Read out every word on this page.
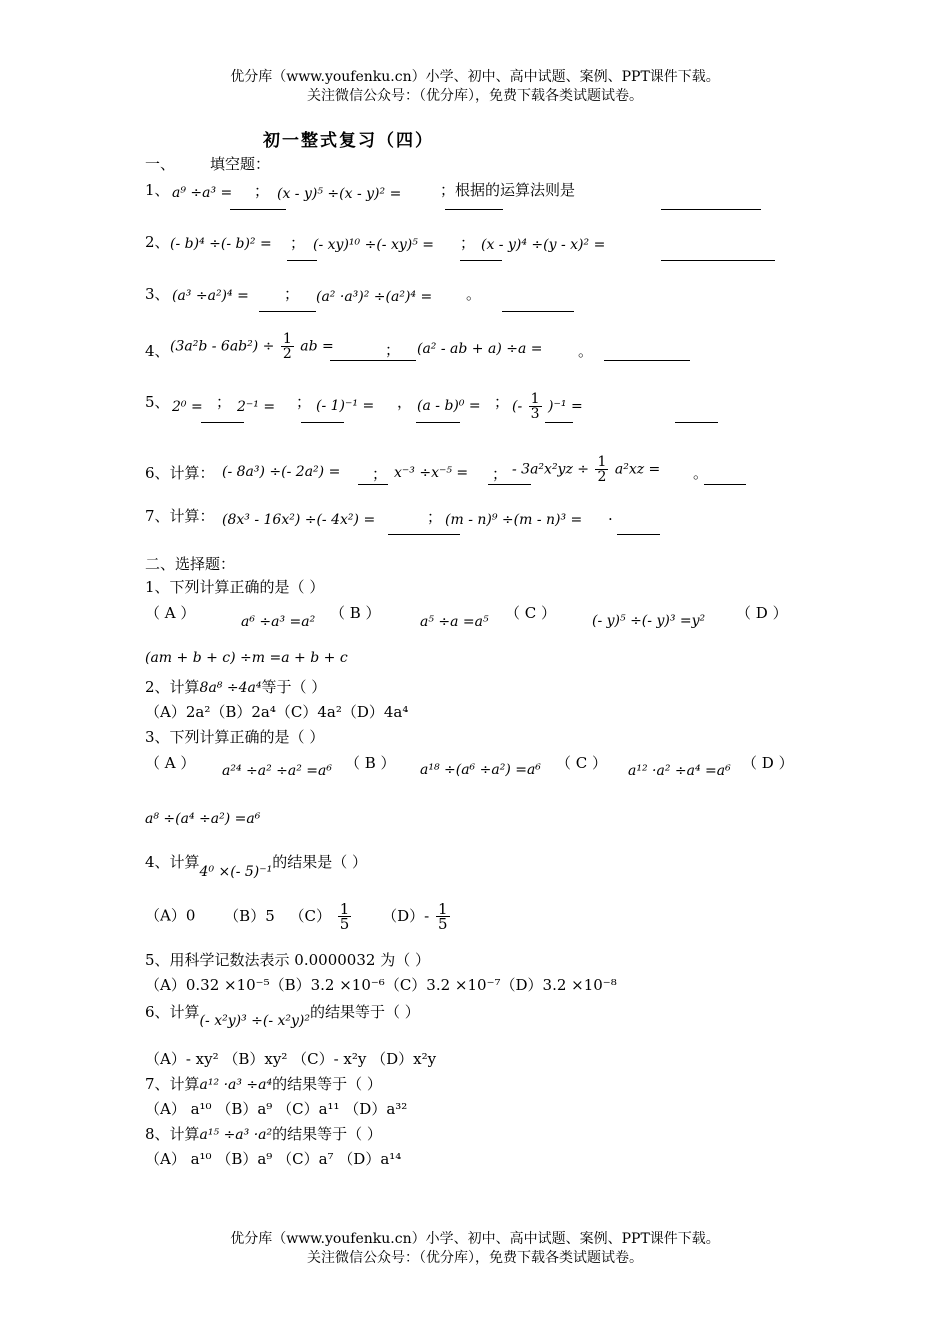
优分库（www.youfenku.cn）小学、初中、高中试题、案例、PPT课件下载。
关注微信公众号：（优分库），免费下载各类试题试卷。
初一整式复习（四）
一、 填空题：
1、 a⁹ ÷a³ = ； (x - y)⁵ ÷(x - y)² =	；根据的运算法则是
2、 (- b)⁴ ÷(- b)² = ； (- xy)¹⁰ ÷(- xy)⁵ = ； (x - y)⁴ ÷(y - x)² =
3、 (a³ ÷a²)⁴ = ； (a² ·a³)² ÷(a²)⁴ = 。
4、 $(3a^2b - 6ab^2) \div \frac{1}{2}$ ab =	； (a² - ab + a) ÷a = 。
5、 2⁰ = ； 2⁻¹ = ； (- 1)⁻¹ = ， (a - b)⁰ = ； (- $\frac{1}{3} )^{-1}$ =
6、计算： (- 8a³) ÷(- 2a²) = ； x⁻³ ÷x⁻⁵ = ； - $3a^2x^2yz \div \frac{1}{2} a^2xz$ = 。
7、计算： (8x³ - 16x²) ÷(- 4x²) =	； (m - n)⁹ ÷(m - n)³ = .
二、选择题：
1、下列计算正确的是（ ）
（ A ）	a⁶ ÷a³ =a² （ B ）	a⁵ ÷a =a⁵ （ C ）	(- y)⁵ ÷(- y)³ =y² （ D ）
(am + b + c) ÷m =a + b + c
2、计算8a⁸ ÷4a⁴等于（ ）
（A）2a²（B）2a⁴（C）4a²（D）4a⁴
3、下列计算正确的是（ ）
（ A ） a²⁴ ÷a² ÷a² =a⁶ （ B ） a¹⁸ ÷(a⁶ ÷a²) =a⁶ （ C ） a¹² ·a² ÷a⁴ =a⁶ （ D ）
a⁸ ÷(a⁴ ÷a²) =a⁶
4、计算4⁰ ×(- 5)⁻¹的结果是（ ）
（A）0 （B）5 $(C) \frac{1}{5} (D)- \frac{1}{5}$
5、用科学记数法表示 0.0000032 为（ ）
（A）0.32 ×10⁻⁵（B）3.2 ×10⁻⁶（C）3.2 ×10⁻⁷（D）3.2 ×10⁻⁸
6、计算(- x²y)³ ÷(- x²y)²的结果等于（ ）
（A）- xy² （B）xy² （C）- x²y （D）x²y
7、计算a¹² ·a³ ÷a⁴的结果等于（ ）
（A） a¹⁰ （B）a⁹ （C）a¹¹ （D）a³²
8、计算a¹⁵ ÷a³ ·a²的结果等于（ ）
（A） a¹⁰ （B）a⁹ （C）a⁷ （D）a¹⁴
优分库（www.youfenku.cn）小学、初中、高中试题、案例、PPT课件下载。
关注微信公众号：（优分库），免费下载各类试题试卷。
